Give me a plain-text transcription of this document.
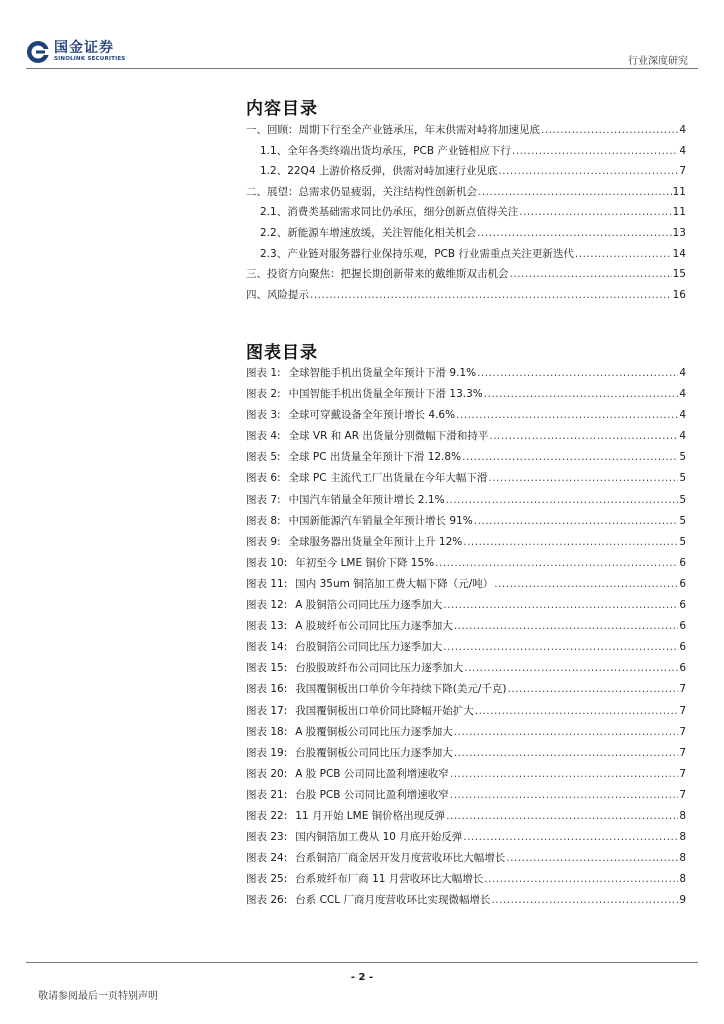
国金证券
SINOLINK SECURITIES	行业深度研究
内容目录
一、回顾：周期下行至全产业链承压，年末供需对峙将加速见底 .....	4
1.1、全年各类终端出货均承压，PCB 产业链相应下行 .....	4
1.2、22Q4 上游价格反弹，供需对峙加速行业见底 .....	7
二、展望：总需求仍显疲弱，关注结构性创新机会 .....	11
2.1、消费类基础需求同比仍承压，细分创新点值得关注 .....	11
2.2、新能源车增速放缓，关注智能化相关机会 .....	13
2.3、产业链对服务器行业保持乐观，PCB 行业需重点关注更新迭代 .....	14
三、投资方向聚焦：把握长期创新带来的戴维斯双击机会 .....	15
四、风险提示 .....	16
图表目录
图表 1: 全球智能手机出货量全年预计下滑 9.1% .....	4
图表 2: 中国智能手机出货量全年预计下滑 13.3% .....	4
图表 3: 全球可穿戴设备全年预计增长 4.6% .....	4
图表 4: 全球 VR 和 AR 出货量分别微幅下滑和持平 .....	4
图表 5: 全球 PC 出货量全年预计下滑 12.8% .....	5
图表 6: 全球 PC 主流代工厂出货量在今年大幅下滑 .....	5
图表 7: 中国汽车销量全年预计增长 2.1% .....	5
图表 8: 中国新能源汽车销量全年预计增长 91% .....	5
图表 9: 全球服务器出货量全年预计上升 12% .....	5
图表 10: 年初至今 LME 铜价下降 15% .....	6
图表 11: 国内 35um 铜箔加工费大幅下降（元/吨） .....	6
图表 12: A 股铜箔公司同比压力逐季加大 .....	6
图表 13: A 股玻纤布公司同比压力逐季加大 .....	6
图表 14: 台股铜箔公司同比压力逐季加大 .....	6
图表 15: 台股股玻纤布公司同比压力逐季加大 .....	6
图表 16: 我国覆铜板出口单价今年持续下降(美元/千克) .....	7
图表 17: 我国覆铜板出口单价同比降幅开始扩大 .....	7
图表 18: A 股覆铜板公司同比压力逐季加大 .....	7
图表 19: 台股覆铜板公司同比压力逐季加大 .....	7
图表 20: A 股 PCB 公司同比盈利增速收窄 .....	7
图表 21: 台股 PCB 公司同比盈利增速收窄 .....	7
图表 22: 11 月开始 LME 铜价格出现反弹 .....	8
图表 23: 国内铜箔加工费从 10 月底开始反弹 .....	8
图表 24: 台系铜箔厂商金居开发月度营收环比大幅增长 .....	8
图表 25: 台系玻纤布厂商 11 月营收环比大幅增长 .....	8
图表 26: 台系 CCL 厂商月度营收环比实现微幅增长 .....	9
- 2 -
敬请参阅最后一页特别声明
